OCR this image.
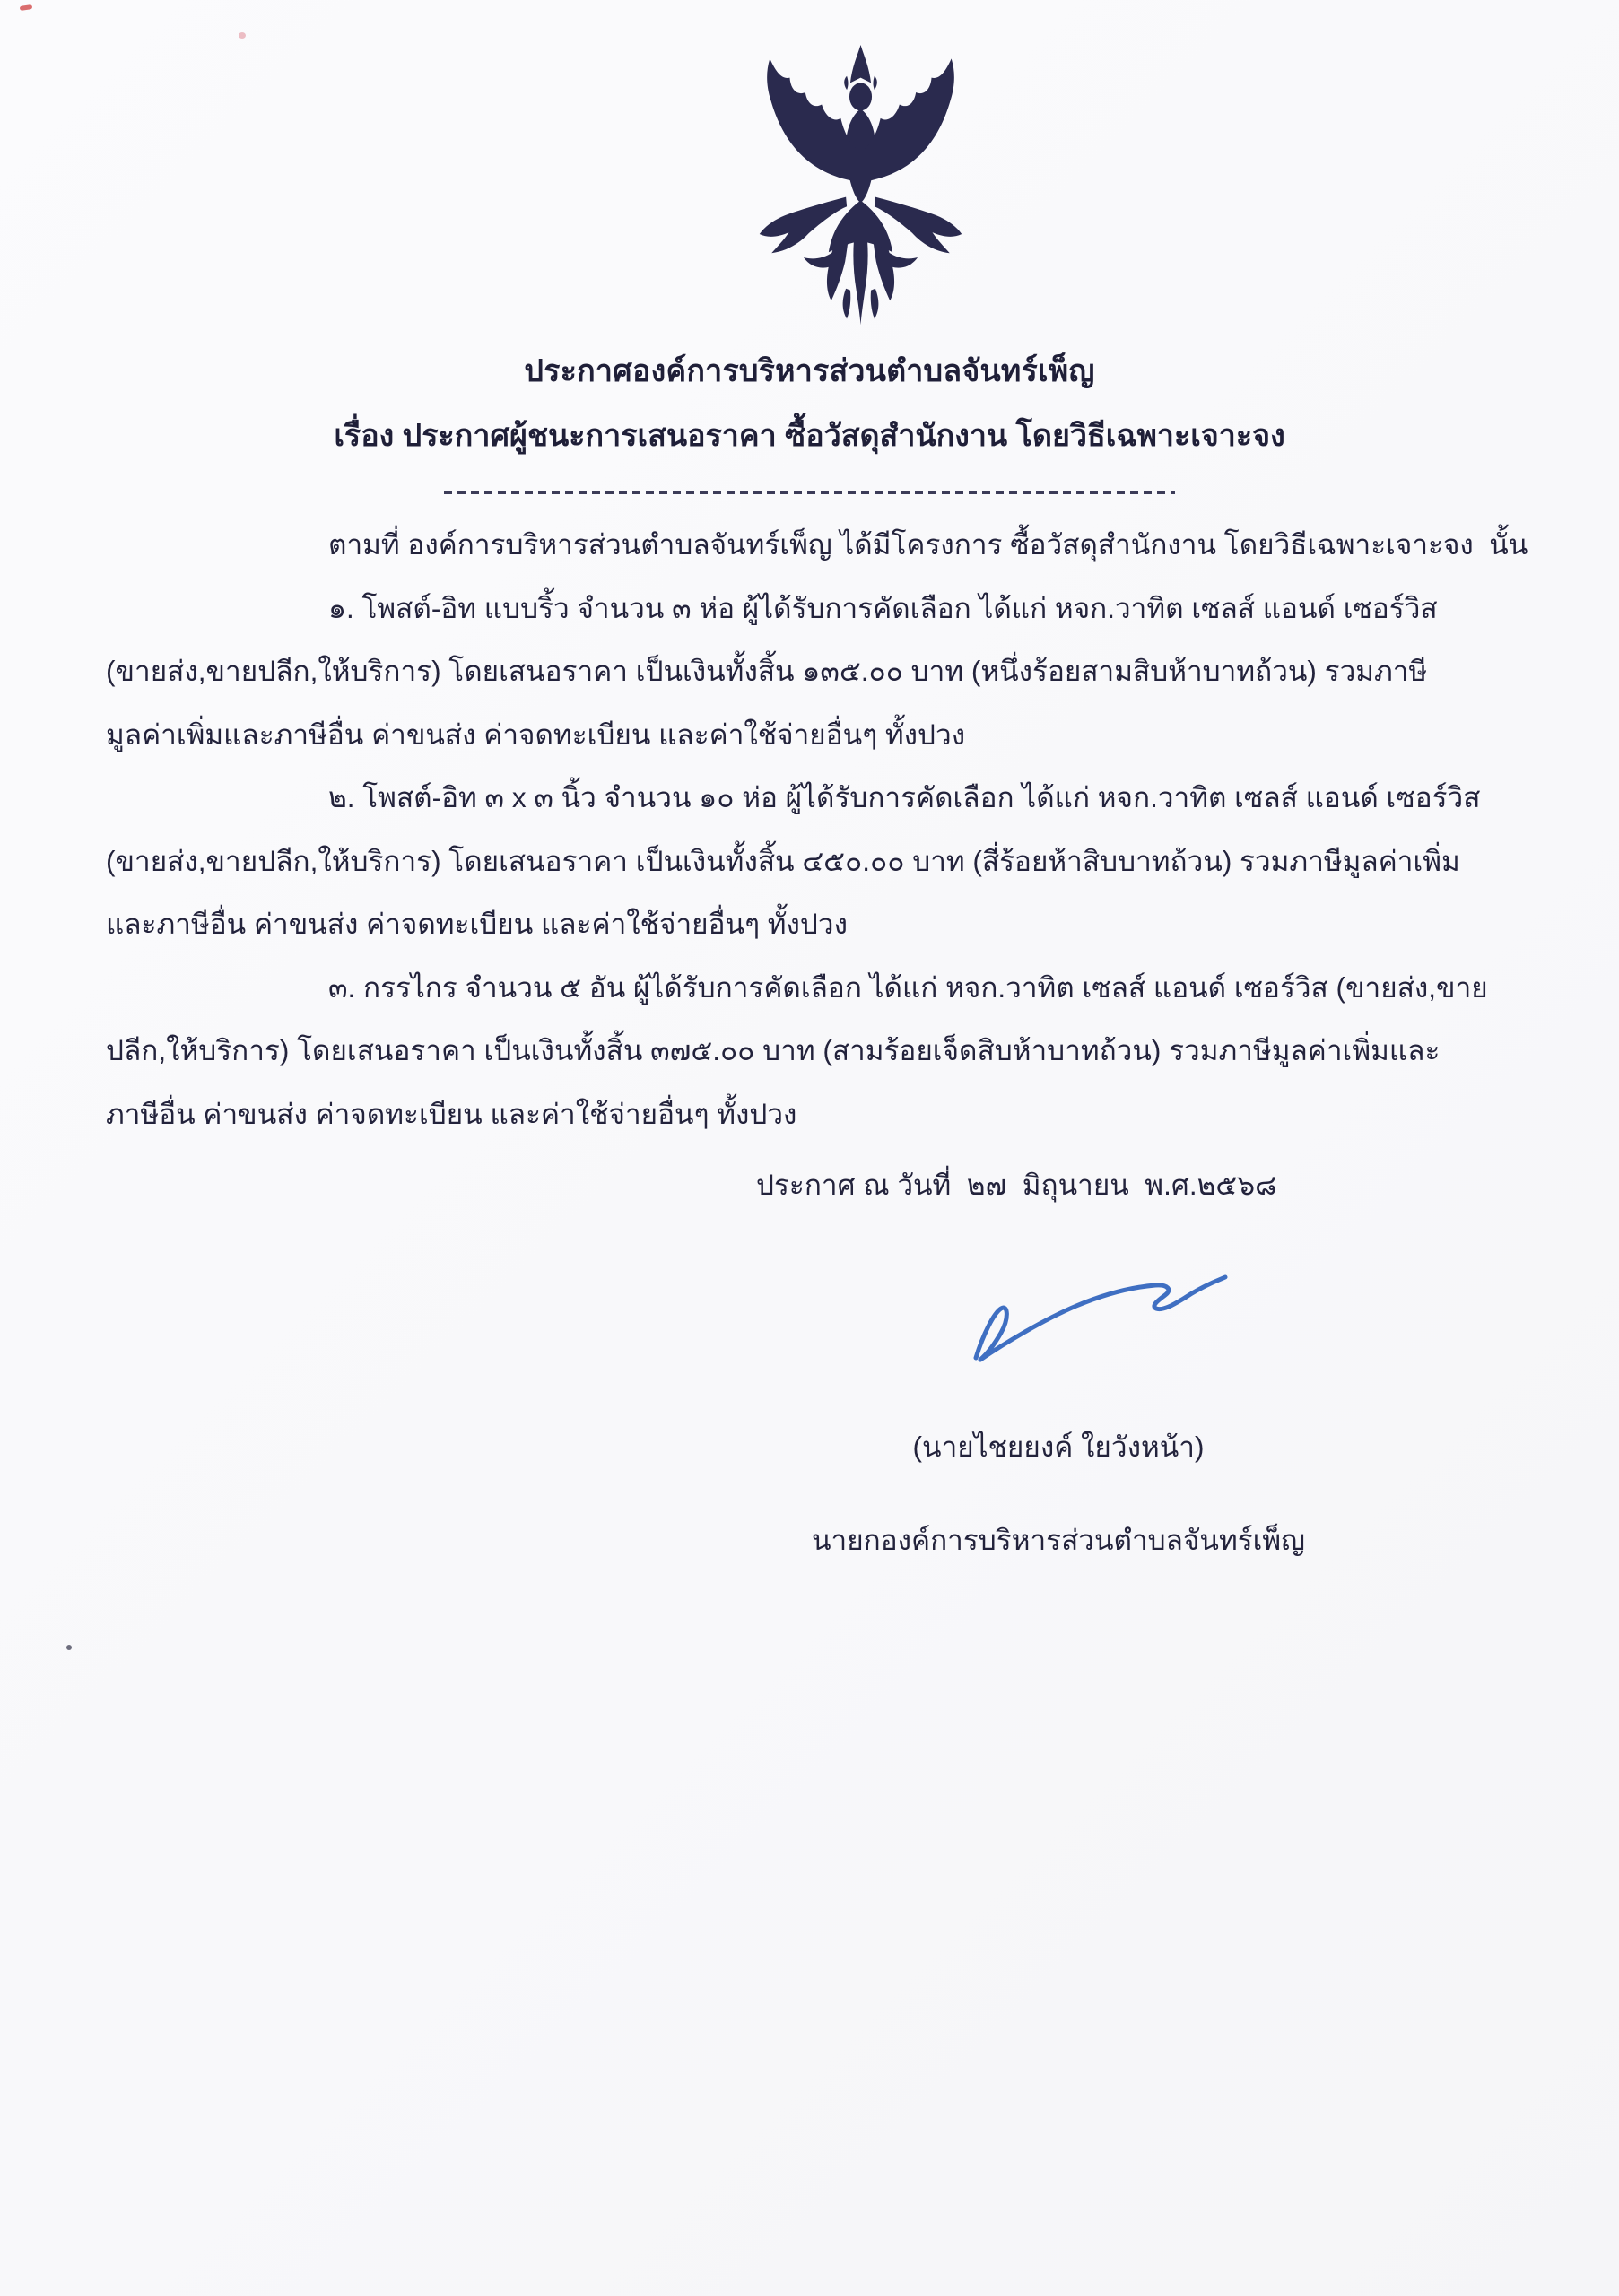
ประกาศองค์การบริหารส่วนตำบลจันทร์เพ็ญ
เรื่อง ประกาศผู้ชนะการเสนอราคา ซื้อวัสดุสำนักงาน โดยวิธีเฉพาะเจาะจง
ตามที่ องค์การบริหารส่วนตำบลจันทร์เพ็ญ ได้มีโครงการ ซื้อวัสดุสำนักงาน โดยวิธีเฉพาะเจาะจง  นั้น
๑. โพสต์-อิท แบบริ้ว จำนวน ๓ ห่อ ผู้ได้รับการคัดเลือก ได้แก่ หจก.วาทิต เซลส์ แอนด์ เซอร์วิส
(ขายส่ง,ขายปลีก,ให้บริการ) โดยเสนอราคา เป็นเงินทั้งสิ้น ๑๓๕.๐๐ บาท (หนึ่งร้อยสามสิบห้าบาทถ้วน) รวมภาษี
มูลค่าเพิ่มและภาษีอื่น ค่าขนส่ง ค่าจดทะเบียน และค่าใช้จ่ายอื่นๆ ทั้งปวง
๒. โพสต์-อิท ๓ x ๓ นิ้ว จำนวน ๑๐ ห่อ ผู้ได้รับการคัดเลือก ได้แก่ หจก.วาทิต เซลส์ แอนด์ เซอร์วิส
(ขายส่ง,ขายปลีก,ให้บริการ) โดยเสนอราคา เป็นเงินทั้งสิ้น ๔๕๐.๐๐ บาท (สี่ร้อยห้าสิบบาทถ้วน) รวมภาษีมูลค่าเพิ่ม
และภาษีอื่น ค่าขนส่ง ค่าจดทะเบียน และค่าใช้จ่ายอื่นๆ ทั้งปวง
๓. กรรไกร จำนวน ๕ อัน ผู้ได้รับการคัดเลือก ได้แก่ หจก.วาทิต เซลส์ แอนด์ เซอร์วิส (ขายส่ง,ขาย
ปลีก,ให้บริการ) โดยเสนอราคา เป็นเงินทั้งสิ้น ๓๗๕.๐๐ บาท (สามร้อยเจ็ดสิบห้าบาทถ้วน) รวมภาษีมูลค่าเพิ่มและ
ภาษีอื่น ค่าขนส่ง ค่าจดทะเบียน และค่าใช้จ่ายอื่นๆ ทั้งปวง
ประกาศ ณ วันที่  ๒๗  มิถุนายน  พ.ศ.๒๕๖๘
(นายไชยยงค์ ใยวังหน้า)
นายกองค์การบริหารส่วนตำบลจันทร์เพ็ญ
